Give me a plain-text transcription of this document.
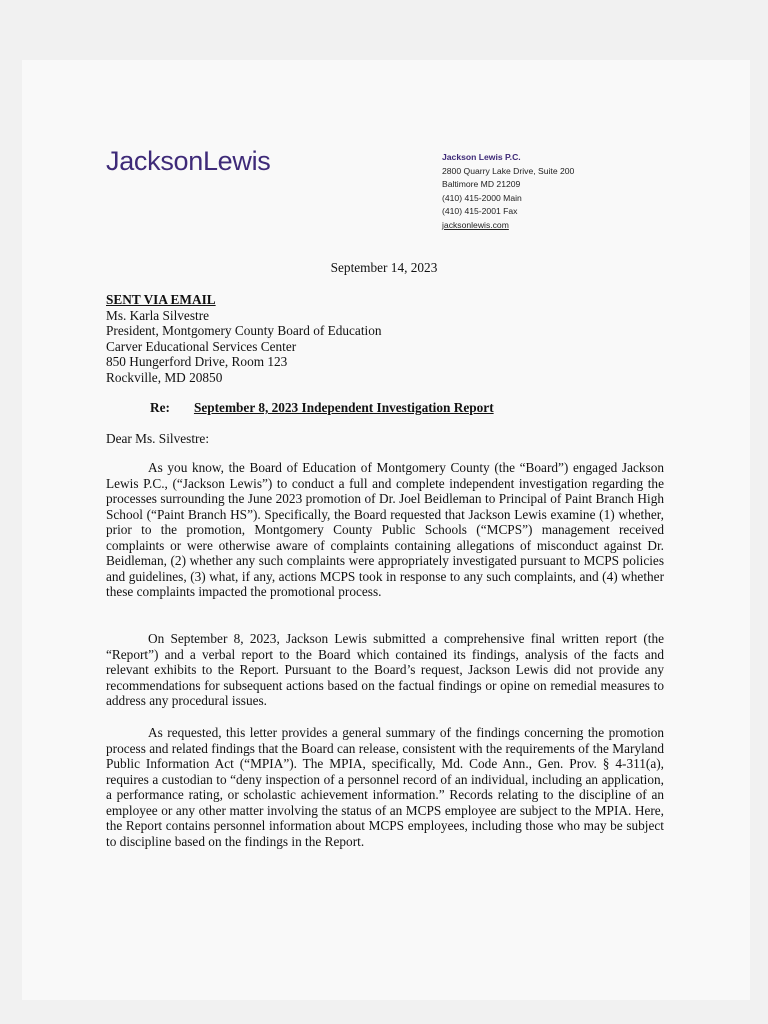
JacksonLewis	Jackson Lewis P.C.
2800 Quarry Lake Drive, Suite 200
Baltimore MD 21209
(410) 415-2000 Main
(410) 415-2001 Fax
jacksonlewis.com
September 14, 2023
SENT VIA EMAIL
Ms. Karla Silvestre
President, Montgomery County Board of Education
Carver Educational Services Center
850 Hungerford Drive, Room 123
Rockville, MD 20850
Re: September 8, 2023 Independent Investigation Report
Dear Ms. Silvestre:

As you know, the Board of Education of Montgomery County (the “Board”) engaged Jackson Lewis P.C., (“Jackson Lewis”) to conduct a full and complete independent investigation regarding the processes surrounding the June 2023 promotion of Dr. Joel Beidleman to Principal of Paint Branch High School (“Paint Branch HS”). Specifically, the Board requested that Jackson Lewis examine (1) whether, prior to the promotion, Montgomery County Public Schools (“MCPS”) management received complaints or were otherwise aware of complaints containing allegations of misconduct against Dr. Beidleman, (2) whether any such complaints were appropriately investigated pursuant to MCPS policies and guidelines, (3) what, if any, actions MCPS took in response to any such complaints, and (4) whether these complaints impacted the promotional process.

On September 8, 2023, Jackson Lewis submitted a comprehensive final written report (the “Report”) and a verbal report to the Board which contained its findings, analysis of the facts and relevant exhibits to the Report. Pursuant to the Board’s request, Jackson Lewis did not provide any recommendations for subsequent actions based on the factual findings or opine on remedial measures to address any procedural issues.

As requested, this letter provides a general summary of the findings concerning the promotion process and related findings that the Board can release, consistent with the requirements of the Maryland Public Information Act (“MPIA”). The MPIA, specifically, Md. Code Ann., Gen. Prov. § 4-311(a), requires a custodian to “deny inspection of a personnel record of an individual, including an application, a performance rating, or scholastic achievement information.” Records relating to the discipline of an employee or any other matter involving the status of an MCPS employee are subject to the MPIA. Here, the Report contains personnel information about MCPS employees, including those who may be subject to discipline based on the findings in the Report.
